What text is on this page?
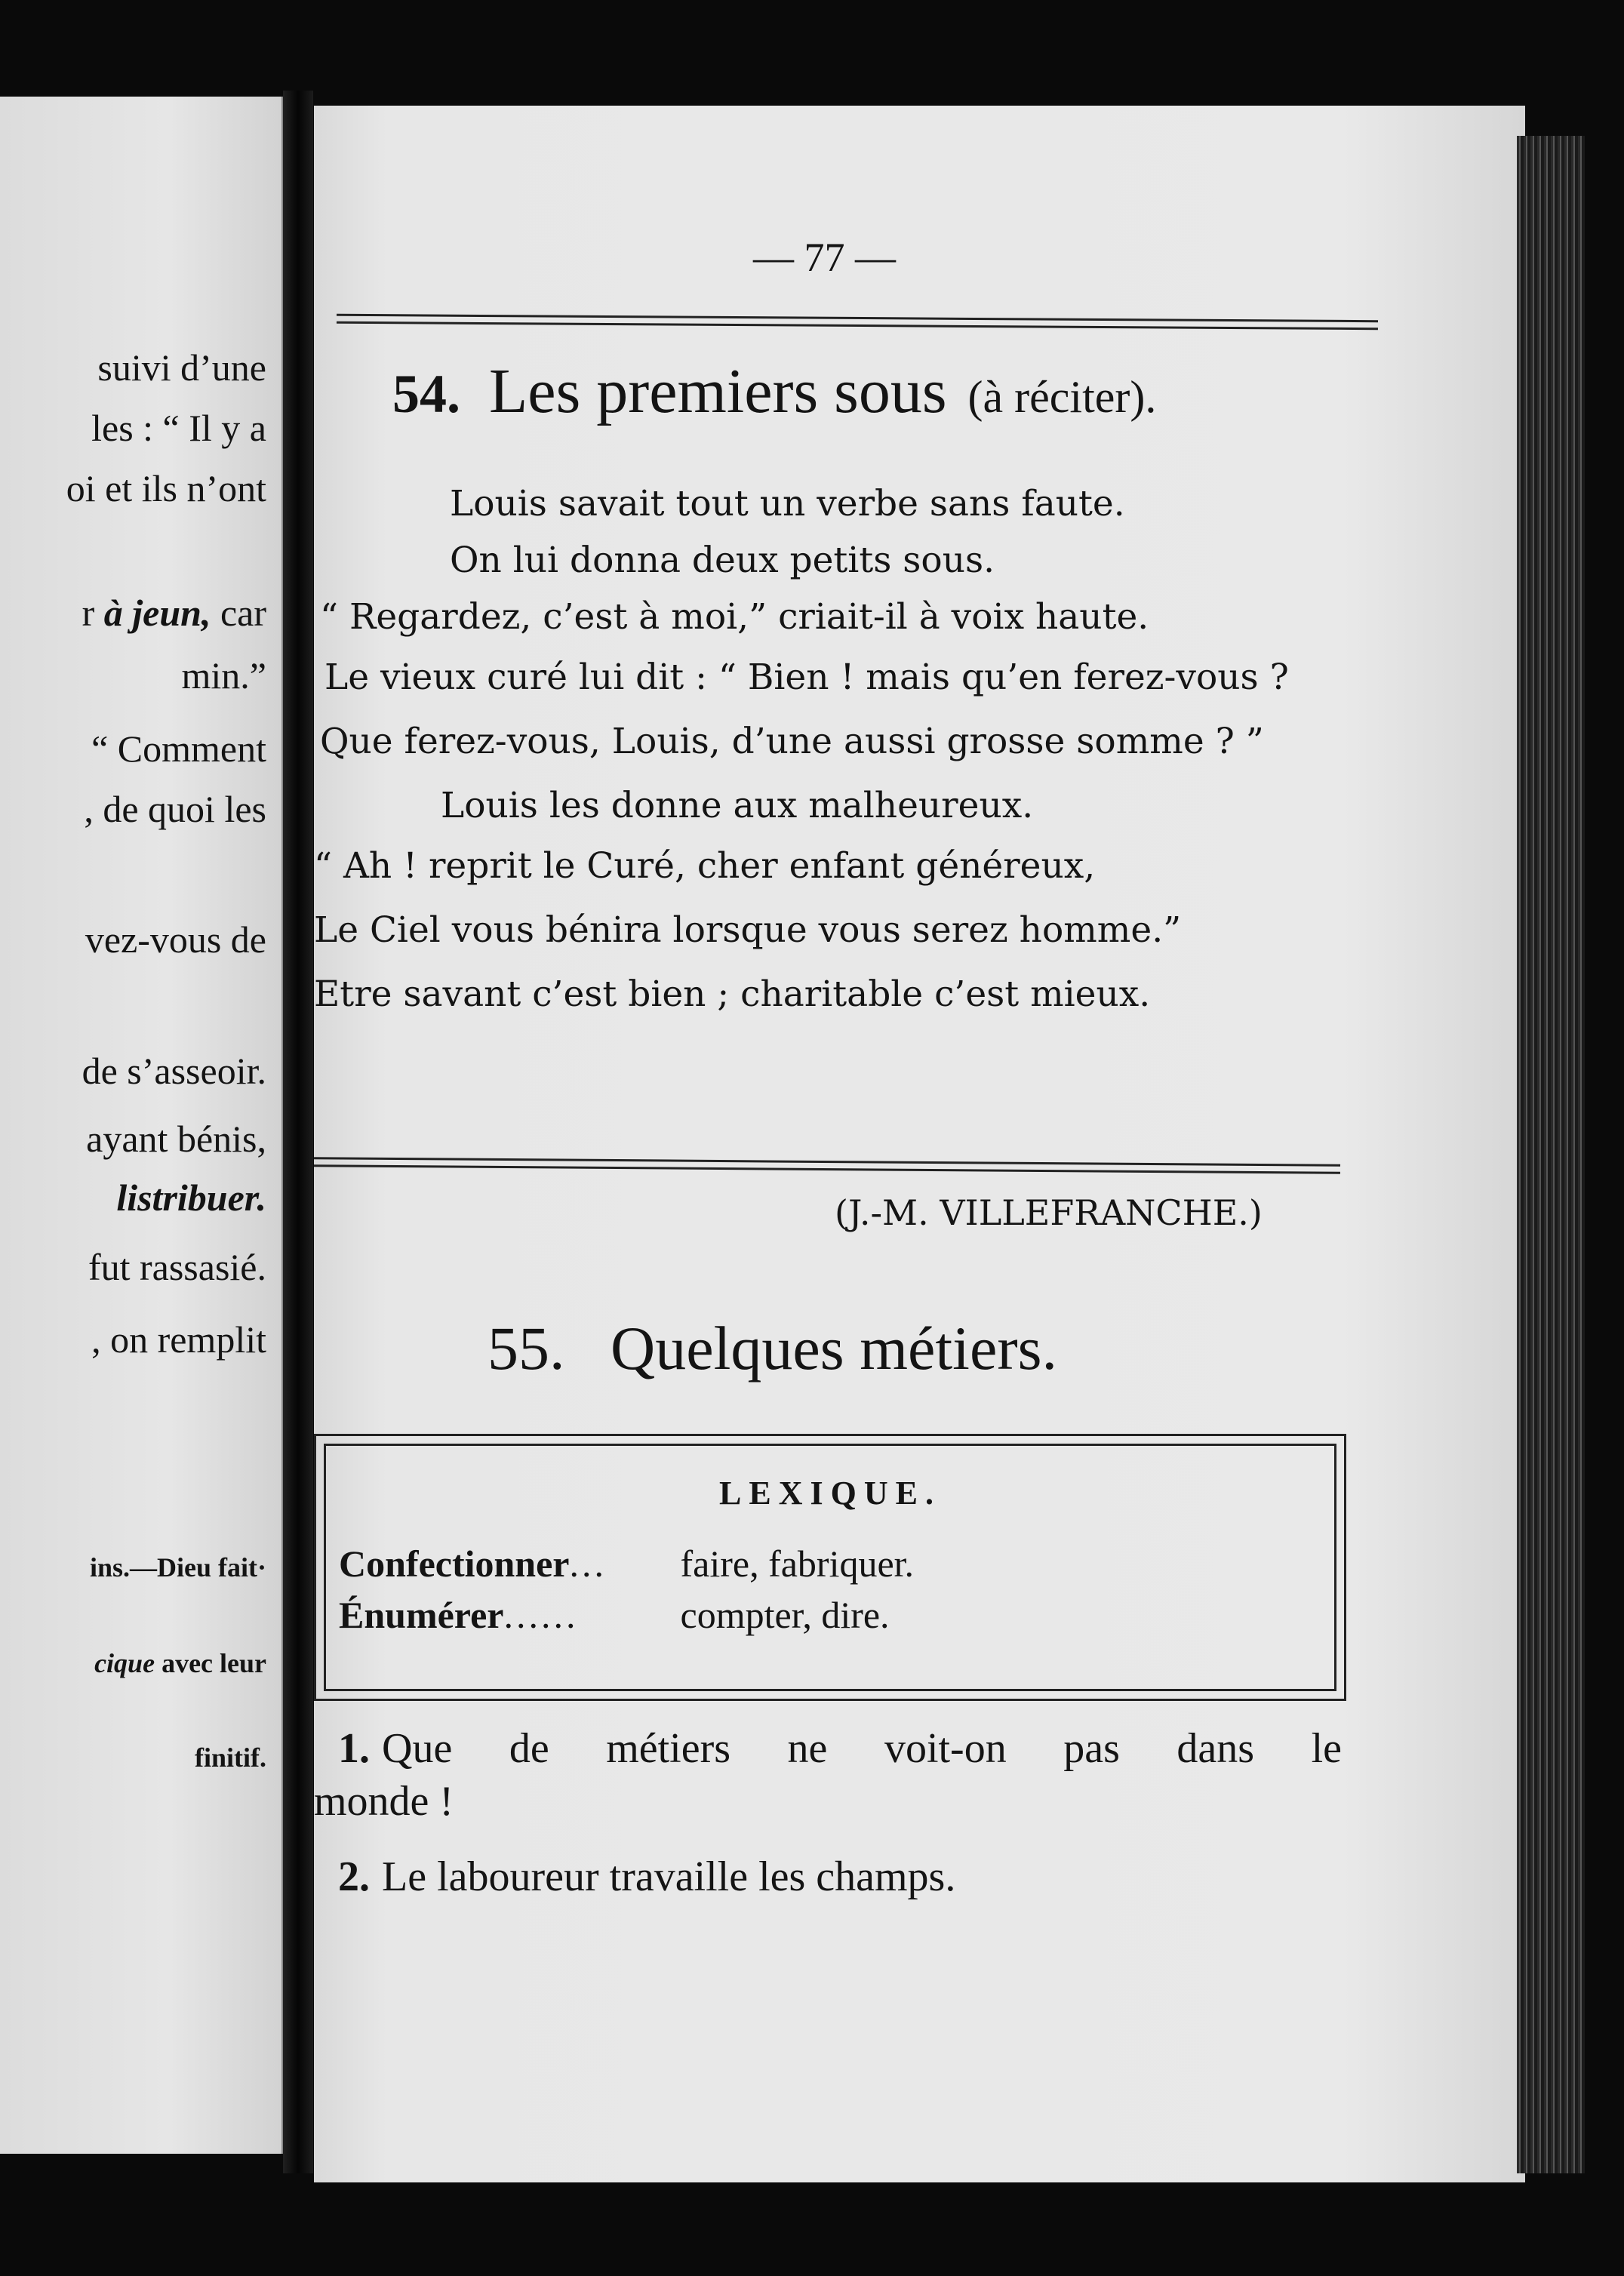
suivi d’une
les : “ Il y a
oi et ils n’ont
r à jeun, car
min.”
“ Comment
, de quoi les
vez-vous de
de s’asseoir.
ayant bénis,
listribuer.
fut rassasié.
, on remplit
ins.—Dieu fait·
cique avec leur
finitif.
— 77 —
54. Les premiers sous (à réciter).
Louis savait tout un verbe sans faute.
On lui donna deux petits sous.
“ Regardez, c’est à moi,” criait-il à voix haute.
Le vieux curé lui dit : “ Bien ! mais qu’en ferez-vous ?
Que ferez-vous, Louis, d’une aussi grosse somme ? ”
Louis les donne aux malheureux.
“ Ah ! reprit le Curé, cher enfant généreux,
Le Ciel vous bénira lorsque vous serez homme.”
Etre savant c’est bien ; charitable c’est mieux.
(J.-M. VILLEFRANCHE.)
55. Quelques métiers.
LEXIQUE.
Confectionner... faire, fabriquer.
Énumérer......	compter, dire.
1. Que de métiers ne voit-on pas dans le
monde !
2. Le laboureur travaille les champs.
